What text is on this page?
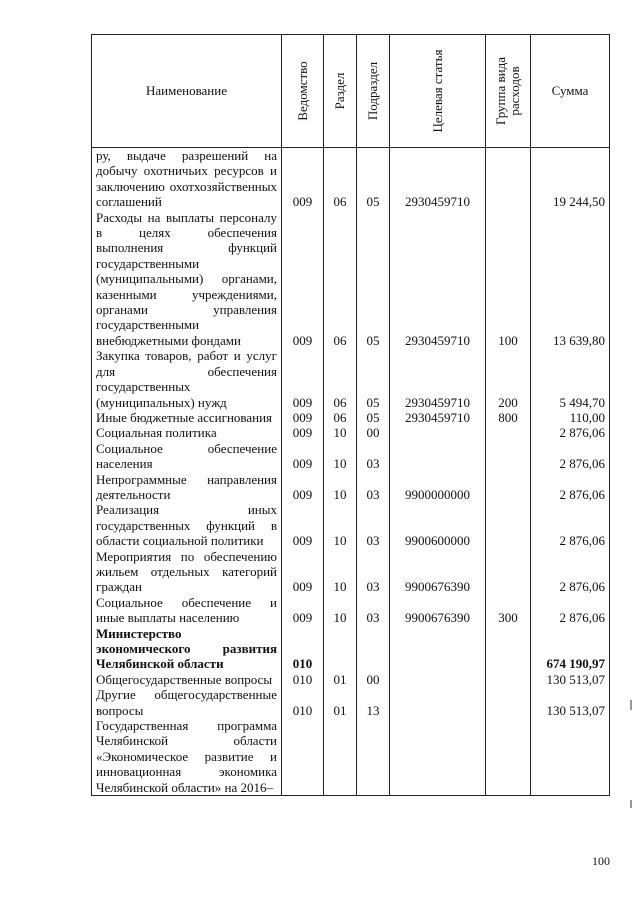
Наименование	Ведомство	Раздел	Подраздел	Целевая статья	Группа вида расходов	Сумма

ру, выдаче разрешений на добычу охотничьих ресурсов и заключению охотхозяйственных соглашений	009	06	05	2930459710		19 244,50
Расходы на выплаты персоналу в целях обеспечения выполнения функций государственными (муниципальными) органами, казенными учреждениями, органами управления государственными внебюджетными фондами	009	06	05	2930459710	100	13 639,80
Закупка товаров, работ и услуг для обеспечения государственных (муниципальных) нужд	009	06	05	2930459710	200	5 494,70
Иные бюджетные ассигнования	009	06	05	2930459710	800	110,00
Социальная политика	009	10	00			2 876,06
Социальное обеспечение населения	009	10	03			2 876,06
Непрограммные направления деятельности	009	10	03	9900000000		2 876,06
Реализация иных государственных функций в области социальной политики	009	10	03	9900600000		2 876,06
Мероприятия по обеспечению жильем отдельных категорий граждан	009	10	03	9900676390		2 876,06
Социальное обеспечение и иные выплаты населению	009	10	03	9900676390	300	2 876,06
Министерство экономического развития Челябинской области	010					674 190,97
Общегосударственные вопросы	010	01	00			130 513,07
Другие общегосударственные вопросы	010	01	13			130 513,07
Государственная программа Челябинской области «Экономическое развитие и инновационная экономика Челябинской области» на 2016–						
100
